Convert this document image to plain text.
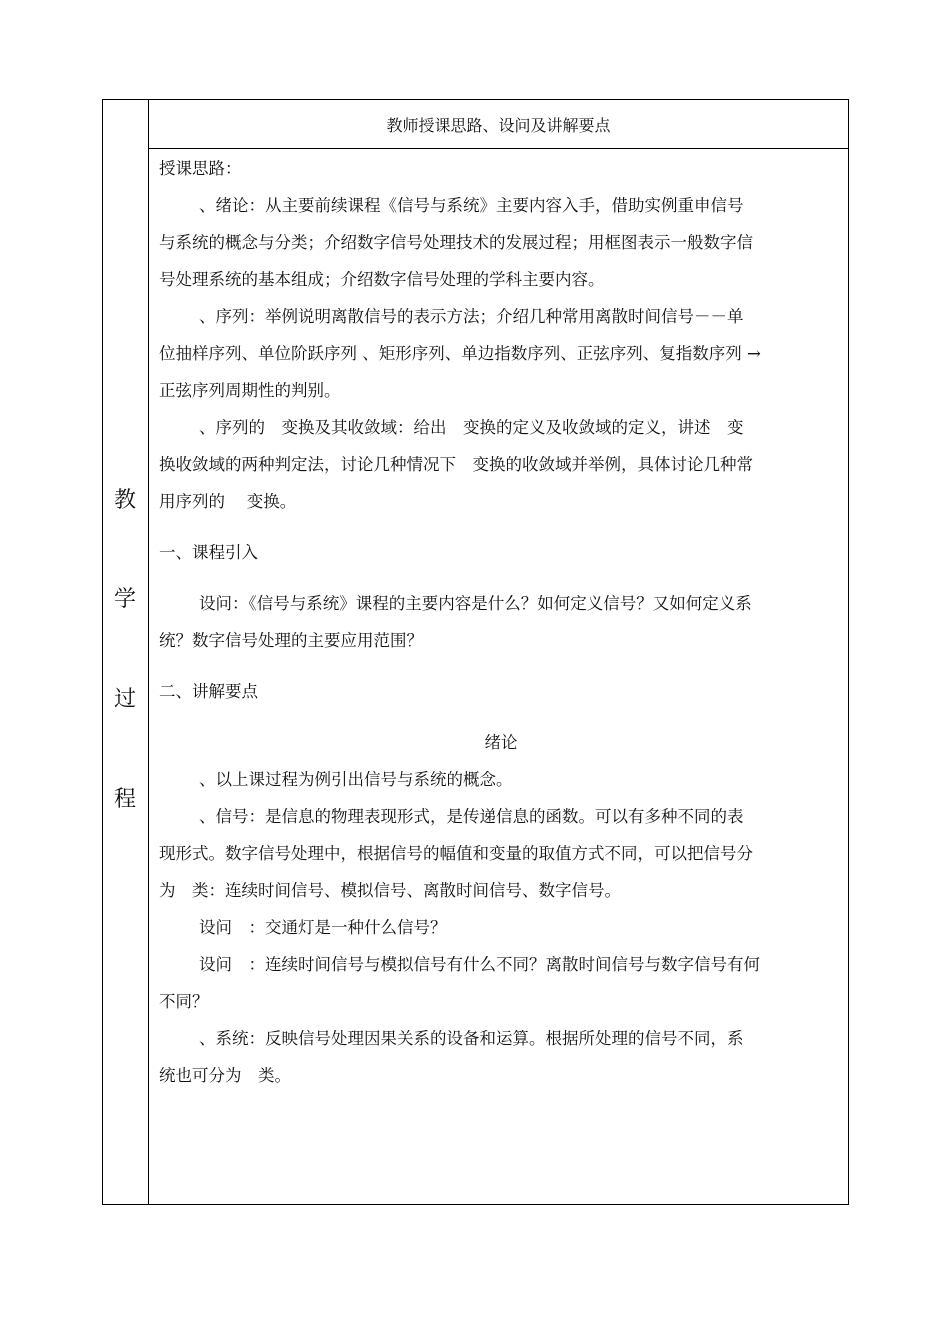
教
学
过
程
教师授课思路、设问及讲解要点

授课思路：

、绪论：从主要前续课程《信号与系统》主要内容入手，借助实例重申信号
与系统的概念与分类；介绍数字信号处理技术的发展过程；用框图表示一般数字信
号处理系统的基本组成；介绍数字信号处理的学科主要内容。
、序列：举例说明离散信号的表示方法；介绍几种常用离散时间信号－－单
位抽样序列、单位阶跃序列 、矩形序列、单边指数序列、正弦序列、复指数序列 →
正弦序列周期性的判别。
、序列的　变换及其收敛域：给出　变换的定义及收敛域的定义，讲述　变
换收敛域的两种判定法，讨论几种情况下　变换的收敛域并举例，具体讨论几种常
用序列的　 变换。

一、课程引入

设问：《信号与系统》课程的主要内容是什么？如何定义信号？又如何定义系
统？数字信号处理的主要应用范围？

二、讲解要点

绪论

、以上课过程为例引出信号与系统的概念。
、信号：是信息的物理表现形式，是传递信息的函数。可以有多种不同的表
现形式。数字信号处理中，根据信号的幅值和变量的取值方式不同，可以把信号分
为　类：连续时间信号、模拟信号、离散时间信号、数字信号。
设问　：交通灯是一种什么信号？
设问　：连续时间信号与模拟信号有什么不同？离散时间信号与数字信号有何
不同？
、系统：反映信号处理因果关系的设备和运算。根据所处理的信号不同，系
统也可分为　类。
